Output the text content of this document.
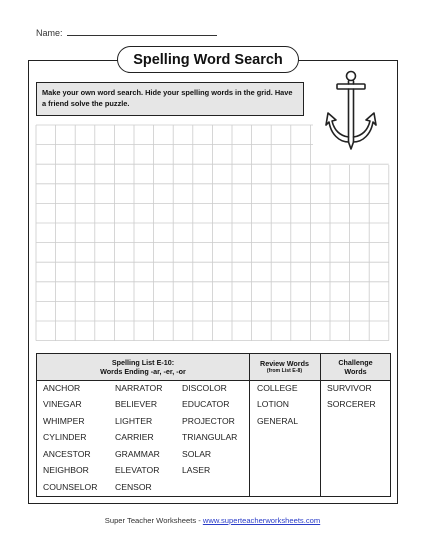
Name:
Spelling Word Search
Make your own word search. Hide your spelling words in the grid. Have a friend solve the puzzle.
Spelling List E-10:
Words Ending -ar, -er, -or
Review Words
(from List E-8)
Challenge
Words
ANCHOR
VINEGAR
WHIMPER
CYLINDER
ANCESTOR
NEIGHBOR
COUNSELOR
NARRATOR
BELIEVER
LIGHTER
CARRIER
GRAMMAR
ELEVATOR
CENSOR
DISCOLOR
EDUCATOR
PROJECTOR
TRIANGULAR
SOLAR
LASER
COLLEGE
LOTION
GENERAL
SURVIVOR
SORCERER
Super Teacher Worksheets - www.superteacherworksheets.com
